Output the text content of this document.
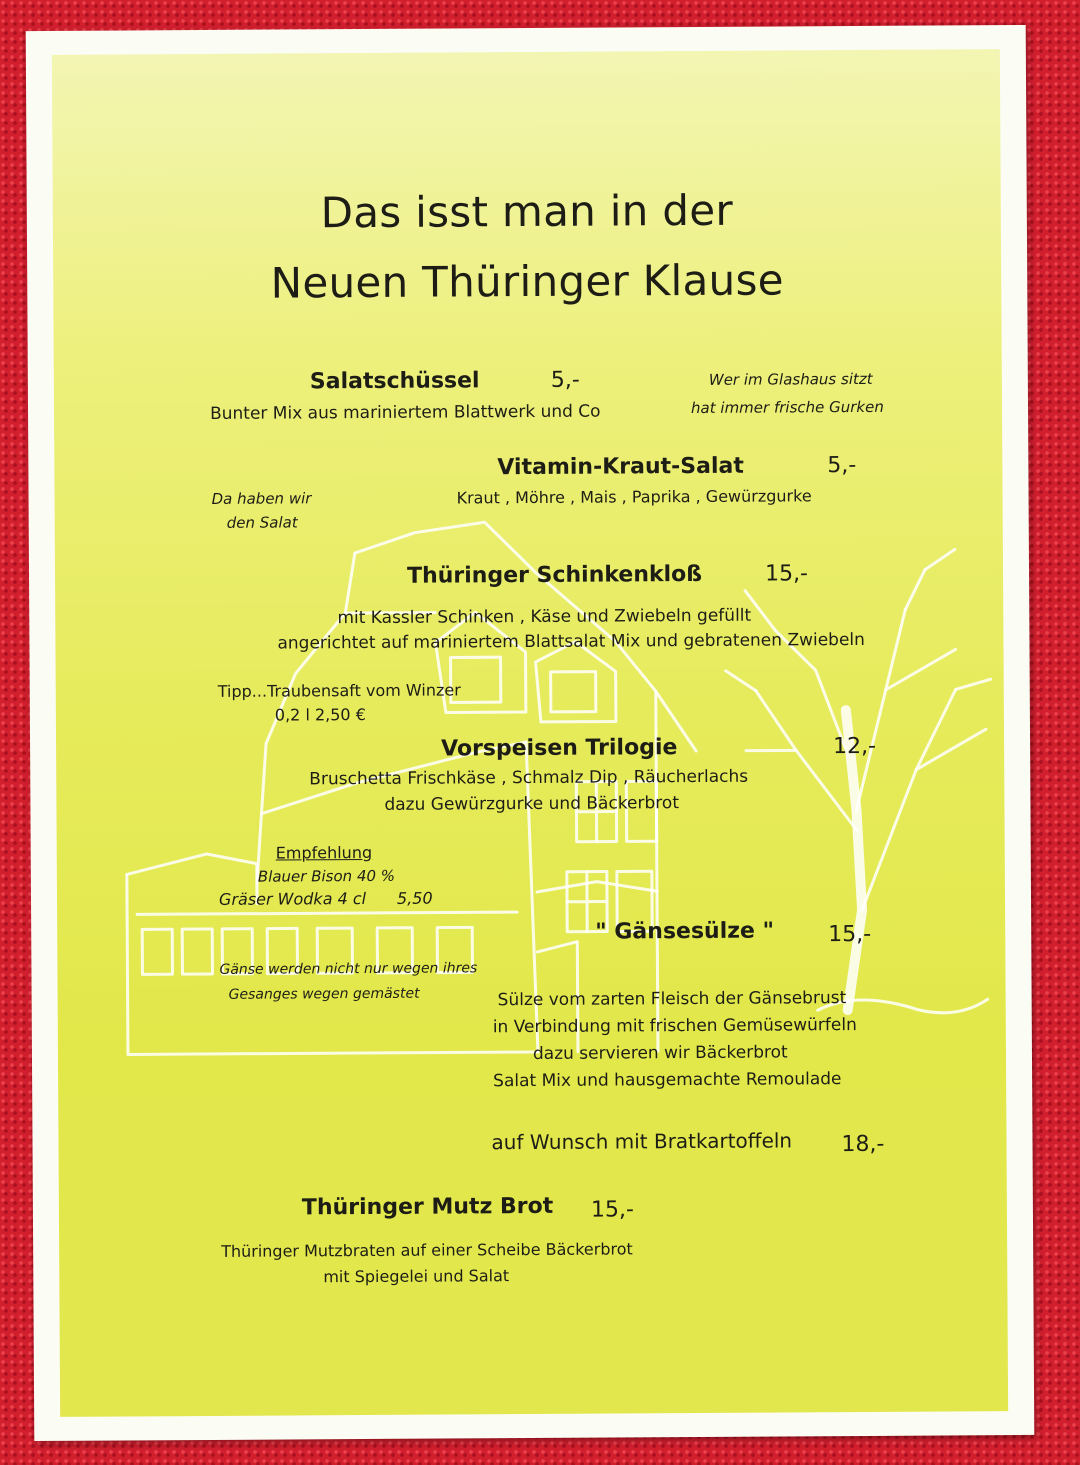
Das isst man in der
Neuen Thüringer Klause
Salatschüssel	5,-
Bunter Mix aus mariniertem Blattwerk und Co
Wer im Glashaus sitzt
hat immer frische Gurken
Vitamin-Kraut-Salat	5,-
Kraut , Möhre , Mais , Paprika , Gewürzgurke
Da haben wir
den Salat
Thüringer Schinkenkloß	15,-
mit Kassler Schinken , Käse und Zwiebeln gefüllt
angerichtet auf mariniertem Blattsalat Mix und gebratenen Zwiebeln
Tipp...Traubensaft vom Winzer
0,2 l 2,50 €
Vorspeisen Trilogie	12,-
Bruschetta Frischkäse , Schmalz Dip , Räucherlachs
dazu Gewürzgurke und Bäckerbrot
Empfehlung
Blauer Bison 40 %
Gräser Wodka 4 cl 5,50
" Gänsesülze " 15,-
Sülze vom zarten Fleisch der Gänsebrust
in Verbindung mit frischen Gemüsewürfeln
dazu servieren wir Bäckerbrot
Salat Mix und hausgemachte Remoulade
Gänse werden nicht nur wegen ihres
Gesanges wegen gemästet
auf Wunsch mit Bratkartoffeln 18,-
Thüringer Mutz Brot 15,-
Thüringer Mutzbraten auf einer Scheibe Bäckerbrot
mit Spiegelei und Salat
